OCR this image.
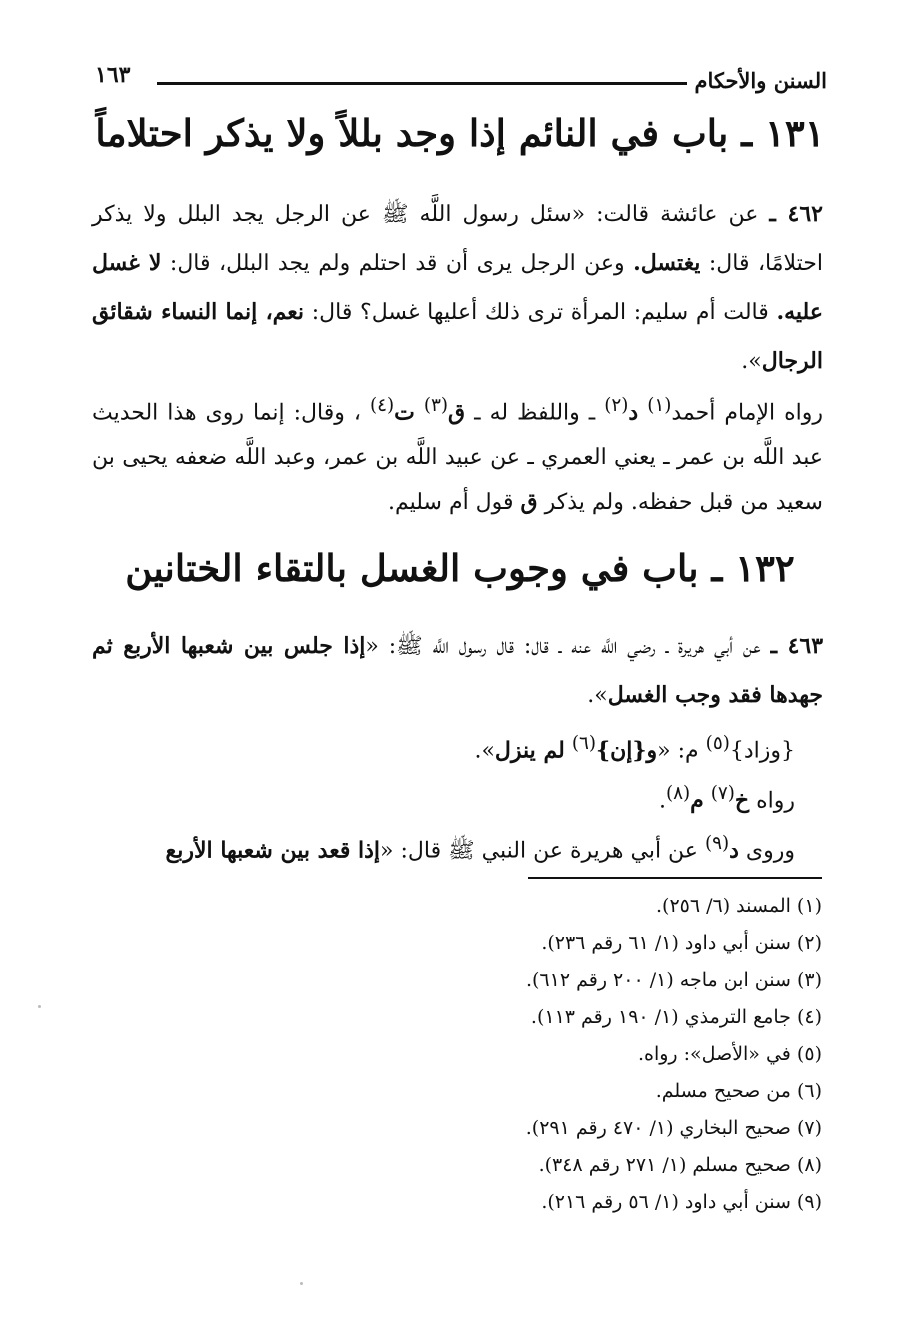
١٦٣	السنن والأحكام
١٣١ ـ باب في النائم إذا وجد بللاً ولا يذكر احتلاماً
٤٦٢ ـ عن عائشة قالت: «سئل رسول اللَّه ﷺ عن الرجل يجد البلل ولا يذكر احتلامًا، قال: يغتسل. وعن الرجل يرى أن قد احتلم ولم يجد البلل، قال: لا غسل عليه. قالت أم سليم: المرأة ترى ذلك أعليها غسل؟ قال: نعم، إنما النساء شقائق الرجال».
رواه الإمام أحمد$^{(١)}$ د$^{(٢)}$ ـ واللفظ له ـ ق$^{(٣)}$ ت$^{(٤)}$ ، وقال: إنما روى هذا الحديث عبد اللَّه بن عمر ـ يعني العمري ـ عن عبيد اللَّه بن عمر، وعبد اللَّه ضعفه يحيى بن سعيد من قبل حفظه. ولم يذكر ق قول أم سليم.
١٣٢ ـ باب في وجوب الغسل بالتقاء الختانين
٤٦٣ ـ عن أبي هريرة ـ رضي اللَّه عنه ـ قال: قال رسول اللَّه ﷺ: «إذا جلس بين شعبها الأربع ثم جهدها فقد وجب الغسل».
{وزاد}$^{(٥)}$ م: «و{إن}$^{(٦)}$ لم ينزل».
رواه خ$^{(٧)}$ م$^{(٨)}$.
وروى د$^{(٩)}$ عن أبي هريرة عن النبي ﷺ قال: «إذا قعد بين شعبها الأربع
(١) المسند (٦/ ٢٥٦).
(٢) سنن أبي داود (١/ ٦١ رقم ٢٣٦).
(٣) سنن ابن ماجه (١/ ٢٠٠ رقم ٦١٢).
(٤) جامع الترمذي (١/ ١٩٠ رقم ١١٣).
(٥) في «الأصل»: رواه.
(٦) من صحيح مسلم.
(٧) صحيح البخاري (١/ ٤٧٠ رقم ٢٩١).
(٨) صحيح مسلم (١/ ٢٧١ رقم ٣٤٨).
(٩) سنن أبي داود (١/ ٥٦ رقم ٢١٦).
